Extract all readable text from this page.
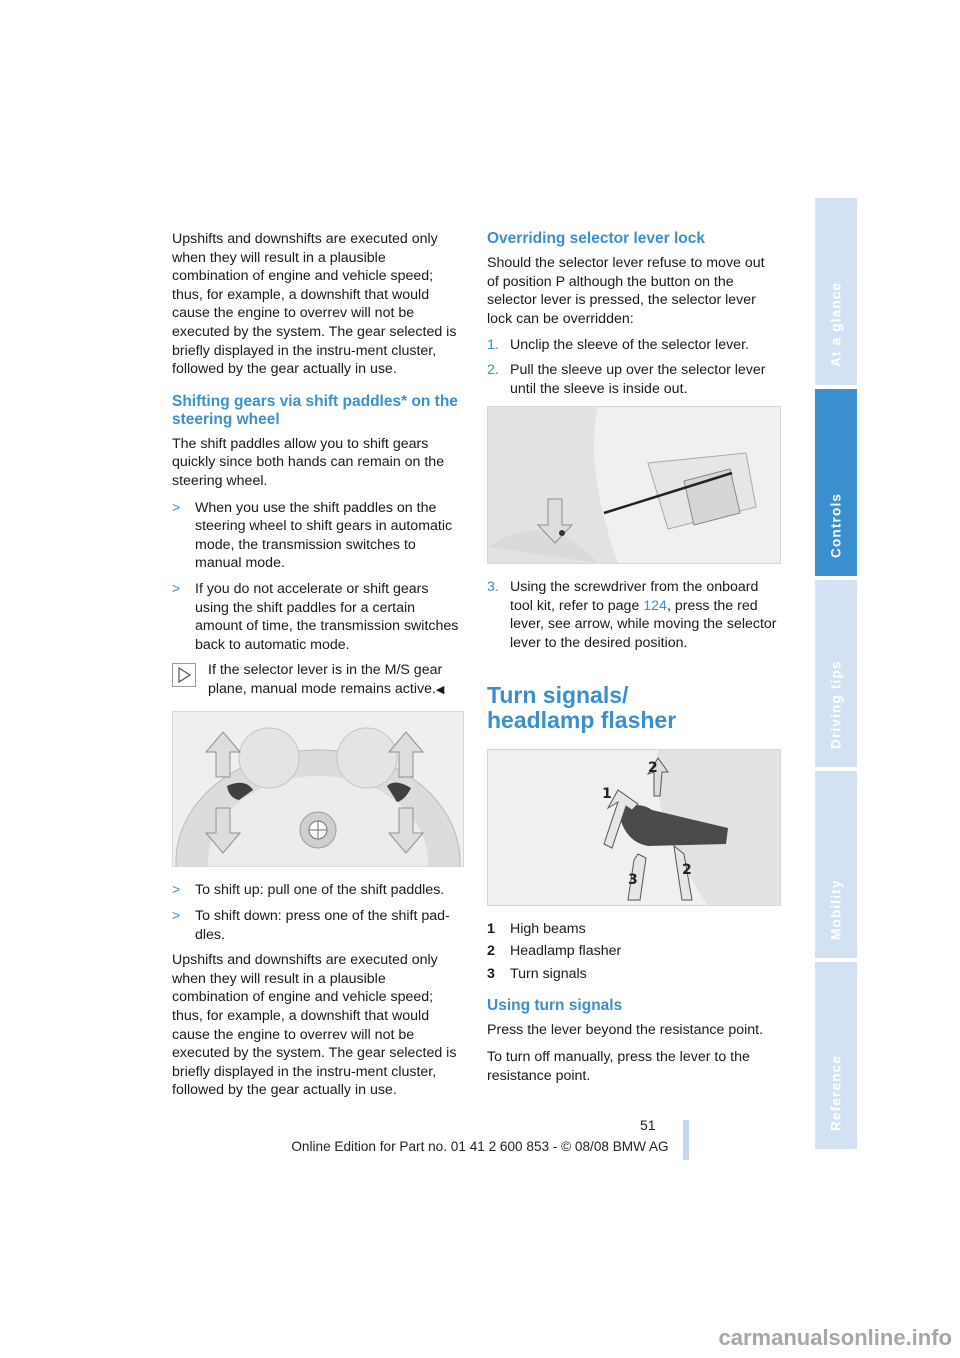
Upshifts and downshifts are executed only when they will result in a plausible combination of engine and vehicle speed; thus, for example, a downshift that would cause the engine to overrev will not be executed by the system. The gear selected is briefly displayed in the instru-ment cluster, followed by the gear actually in use.

Shifting gears via shift paddles* on the steering wheel

The shift paddles allow you to shift gears quickly since both hands can remain on the steering wheel.

> When you use the shift paddles on the steering wheel to shift gears in automatic mode, the transmission switches to manual mode.
> If you do not accelerate or shift gears using the shift paddles for a certain amount of time, the transmission switches back to automatic mode.
If the selector lever is in the M/S gear plane, manual mode remains active.◀
> To shift up: pull one of the shift paddles.
> To shift down: press one of the shift pad-dles.

Upshifts and downshifts are executed only when they will result in a plausible combination of engine and vehicle speed; thus, for example, a downshift that would cause the engine to overrev will not be executed by the system. The gear selected is briefly displayed in the instru-ment cluster, followed by the gear actually in use.

Overriding selector lever lock

Should the selector lever refuse to move out of position P although the button on the selector lever is pressed, the selector lever lock can be overridden:

1. Unclip the sleeve of the selector lever.
2. Pull the sleeve up over the selector lever until the sleeve is inside out.
3. Using the screwdriver from the onboard tool kit, refer to page 124, press the red lever, see arrow, while moving the selector lever to the desired position.
Turn signals/
headlamp flasher
1
2
2
3
1 High beams
2 Headlamp flasher
3 Turn signals
Using turn signals

Press the lever beyond the resistance point.

To turn off manually, press the lever to the resistance point.

At a glance
Controls
Driving tips
Mobility
Reference
51
Online Edition for Part no. 01 41 2 600 853 - © 08/08 BMW AG
carmanualsonline.info
